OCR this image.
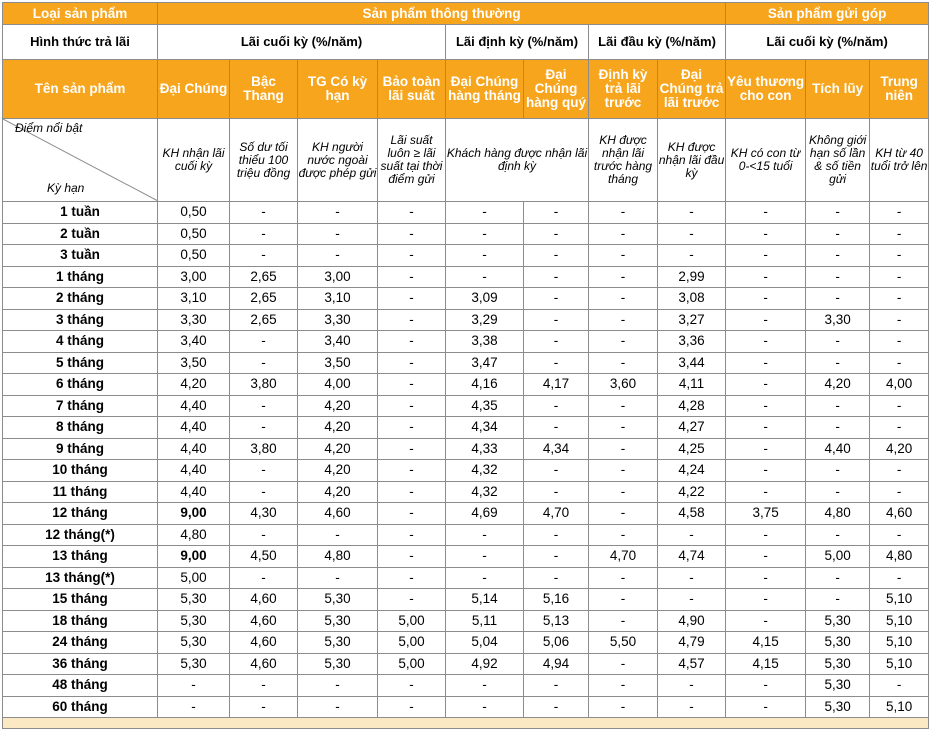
Loại sản phẩm	Sản phẩm thông thường								Sản phẩm gửi góp		
Hình thức trả lãi	Lãi cuối kỳ (%/năm)				Lãi định kỳ (%/năm)		Lãi đầu kỳ (%/năm)		Lãi cuối kỳ (%/năm)		
Tên sản phẩm	Đại Chúng	Bậc Thang	TG Có kỳ hạn	Bảo toàn lãi suất	Đại Chúng hàng tháng	Đại Chúng hàng quý	Định kỳ trả lãi trước	Đại Chúng trả lãi trước	Yêu thương cho con	Tích lũy	Trung niên

Điểm nổi bật
Kỳ hạn	KH nhận lãi cuối kỳ	Số dư tối thiểu 100 triệu đồng	KH người nước ngoài được phép gửi	Lãi suất luôn ≥ lãi suất tại thời điểm gửi	Khách hàng được nhận lãi định kỳ		KH được nhận lãi trước hàng tháng	KH được nhận lãi đầu kỳ	KH có con từ 0-<15 tuổi	Không giới hạn số lần & số tiền gửi	KH từ 40 tuổi trở lên
1 tuần	0,50	-	-	-	-	-	-	-	-	-	-
2 tuần	0,50	-	-	-	-	-	-	-	-	-	-
3 tuần	0,50	-	-	-	-	-	-	-	-	-	-
1 tháng	3,00	2,65	3,00	-	-	-	-	2,99	-	-	-
2 tháng	3,10	2,65	3,10	-	3,09	-	-	3,08	-	-	-
3 tháng	3,30	2,65	3,30	-	3,29	-	-	3,27	-	3,30	-
4 tháng	3,40	-	3,40	-	3,38	-	-	3,36	-	-	-
5 tháng	3,50	-	3,50	-	3,47	-	-	3,44	-	-	-
6 tháng	4,20	3,80	4,00	-	4,16	4,17	3,60	4,11	-	4,20	4,00
7 tháng	4,40	-	4,20	-	4,35	-	-	4,28	-	-	-
8 tháng	4,40	-	4,20	-	4,34	-	-	4,27	-	-	-
9 tháng	4,40	3,80	4,20	-	4,33	4,34	-	4,25	-	4,40	4,20
10 tháng	4,40	-	4,20	-	4,32	-	-	4,24	-	-	-
11 tháng	4,40	-	4,20	-	4,32	-	-	4,22	-	-	-
12 tháng	9,00	4,30	4,60	-	4,69	4,70	-	4,58	3,75	4,80	4,60
12 tháng(*)	4,80	-	-	-	-	-	-	-	-	-	-
13 tháng	9,00	4,50	4,80	-	-	-	4,70	4,74	-	5,00	4,80
13 tháng(*)	5,00	-	-	-	-	-	-	-	-	-	-
15 tháng	5,30	4,60	5,30	-	5,14	5,16	-	-	-	-	5,10
18 tháng	5,30	4,60	5,30	5,00	5,11	5,13	-	4,90	-	5,30	5,10
24 tháng	5,30	4,60	5,30	5,00	5,04	5,06	5,50	4,79	4,15	5,30	5,10
36 tháng	5,30	4,60	5,30	5,00	4,92	4,94	-	4,57	4,15	5,30	5,10
48 tháng	-	-	-	-	-	-	-	-	-	5,30	-
60 tháng	-	-	-	-	-	-	-	-	-	5,30	5,10
